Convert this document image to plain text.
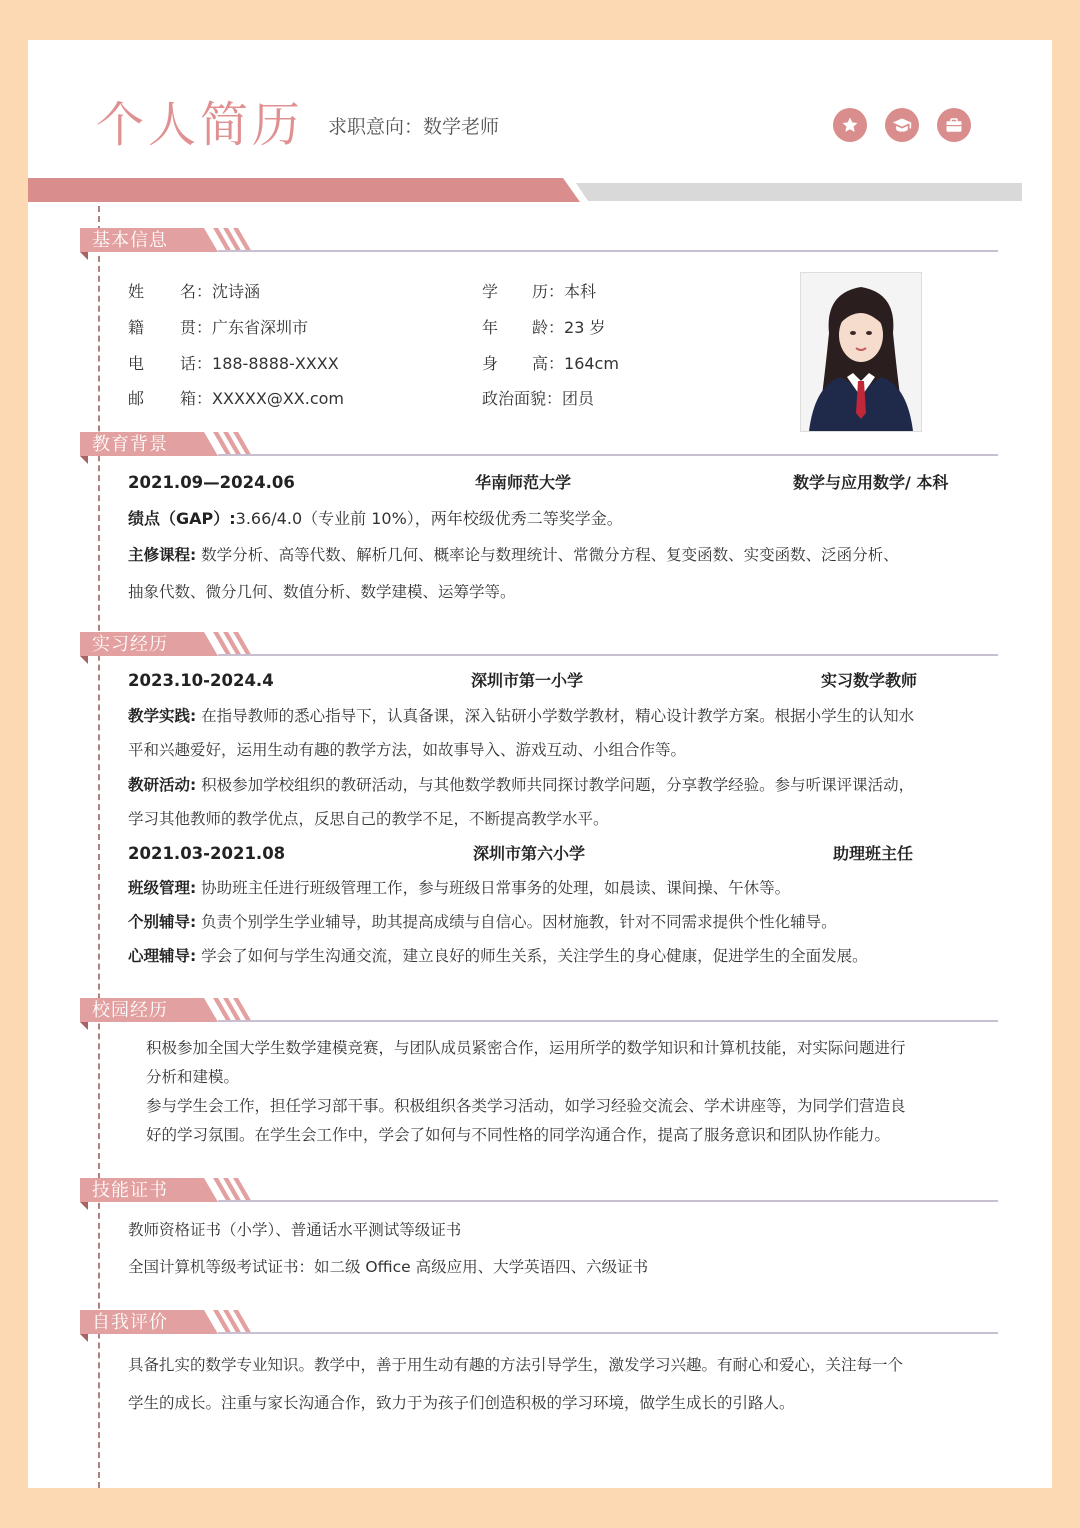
个人简历 求职意向：数学老师
基本信息
姓 名：沈诗涵
籍 贯：广东省深圳市
电 话：188-8888-XXXX
邮 箱：XXXXX@XX.com
学 历：本科
年 龄：23 岁
身 高：164cm
政治面貌：团员
教育背景
2021.09—2024.06	华南师范大学	数学与应用数学/ 本科
绩点（GAP）:3.66/4.0（专业前 10%），两年校级优秀二等奖学金。
主修课程: 数学分析、高等代数、解析几何、概率论与数理统计、常微分方程、复变函数、实变函数、泛函分析、
抽象代数、微分几何、数值分析、数学建模、运筹学等。
实习经历
2023.10-2024.4	深圳市第一小学	实习数学教师
教学实践: 在指导教师的悉心指导下，认真备课，深入钻研小学数学教材，精心设计教学方案。根据小学生的认知水
平和兴趣爱好，运用生动有趣的教学方法，如故事导入、游戏互动、小组合作等。
教研活动: 积极参加学校组织的教研活动，与其他数学教师共同探讨教学问题，分享教学经验。参与听课评课活动，
学习其他教师的教学优点，反思自己的教学不足，不断提高教学水平。
2021.03-2021.08	深圳市第六小学	助理班主任
班级管理: 协助班主任进行班级管理工作，参与班级日常事务的处理，如晨读、课间操、午休等。
个别辅导: 负责个别学生学业辅导，助其提高成绩与自信心。因材施教，针对不同需求提供个性化辅导。
心理辅导: 学会了如何与学生沟通交流，建立良好的师生关系，关注学生的身心健康，促进学生的全面发展。
校园经历
积极参加全国大学生数学建模竞赛，与团队成员紧密合作，运用所学的数学知识和计算机技能，对实际问题进行
分析和建模。
参与学生会工作，担任学习部干事。积极组织各类学习活动，如学习经验交流会、学术讲座等，为同学们营造良
好的学习氛围。在学生会工作中，学会了如何与不同性格的同学沟通合作，提高了服务意识和团队协作能力。
技能证书
教师资格证书（小学）、普通话水平测试等级证书
全国计算机等级考试证书：如二级 Office 高级应用、大学英语四、六级证书
自我评价
具备扎实的数学专业知识。教学中，善于用生动有趣的方法引导学生，激发学习兴趣。有耐心和爱心，关注每一个
学生的成长。注重与家长沟通合作，致力于为孩子们创造积极的学习环境，做学生成长的引路人。
